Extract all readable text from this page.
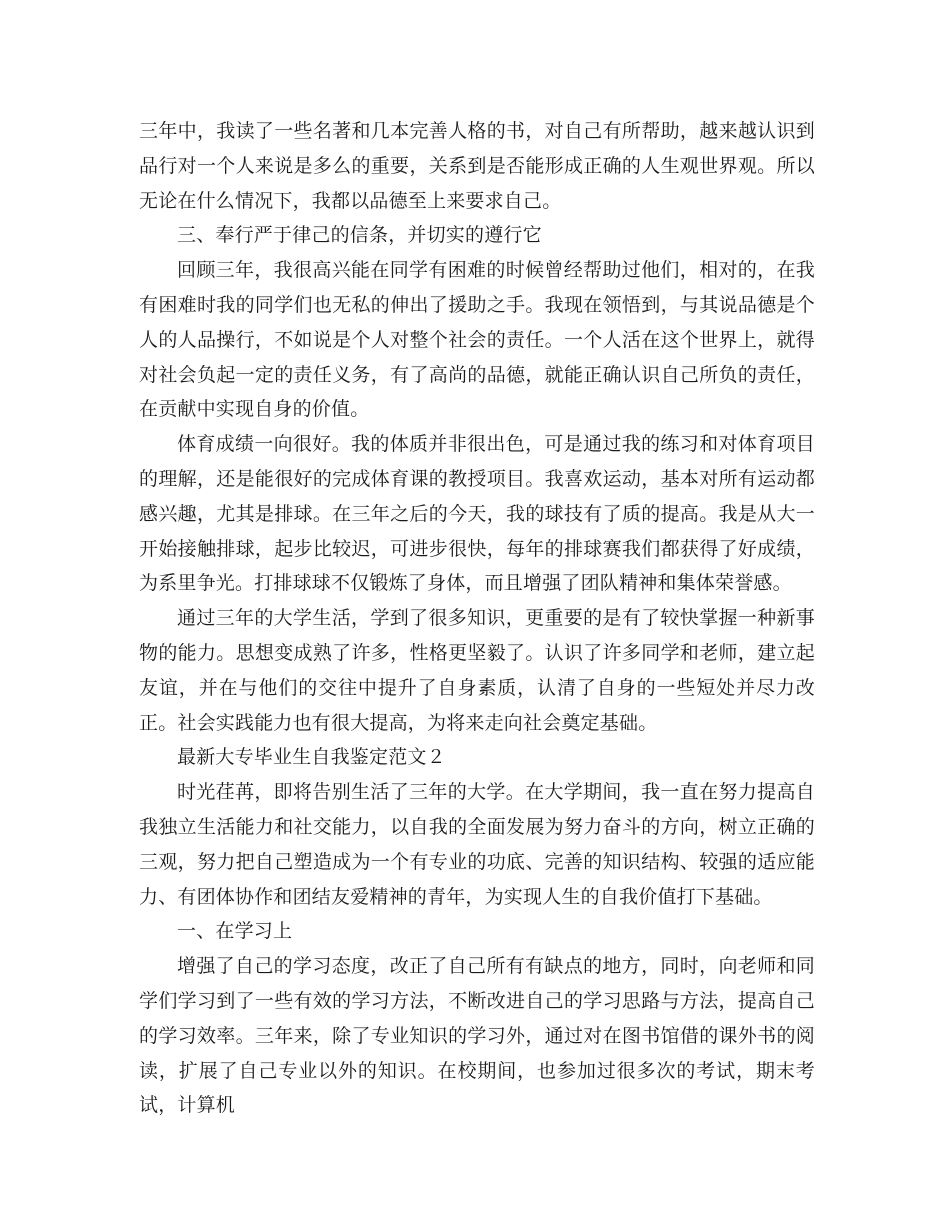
三年中，我读了一些名著和几本完善人格的书，对自己有所帮助，越来越认识到品行对一个人来说是多么的重要，关系到是否能形成正确的人生观世界观。所以无论在什么情况下，我都以品德至上来要求自己。

三、奉行严于律己的信条，并切实的遵行它

回顾三年，我很高兴能在同学有困难的时候曾经帮助过他们，相对的，在我有困难时我的同学们也无私的伸出了援助之手。我现在领悟到，与其说品德是个人的人品操行，不如说是个人对整个社会的责任。一个人活在这个世界上，就得对社会负起一定的责任义务，有了高尚的品德，就能正确认识自己所负的责任，在贡献中实现自身的价值。

体育成绩一向很好。我的体质并非很出色，可是通过我的练习和对体育项目的理解，还是能很好的完成体育课的教授项目。我喜欢运动，基本对所有运动都感兴趣，尤其是排球。在三年之后的今天，我的球技有了质的提高。我是从大一开始接触排球，起步比较迟，可进步很快，每年的排球赛我们都获得了好成绩，为系里争光。打排球球不仅锻炼了身体，而且增强了团队精神和集体荣誉感。

通过三年的大学生活，学到了很多知识，更重要的是有了较快掌握一种新事物的能力。思想变成熟了许多，性格更坚毅了。认识了许多同学和老师，建立起友谊，并在与他们的交往中提升了自身素质，认清了自身的一些短处并尽力改正。社会实践能力也有很大提高，为将来走向社会奠定基础。

最新大专毕业生自我鉴定范文２

时光荏苒，即将告别生活了三年的大学。在大学期间，我一直在努力提高自我独立生活能力和社交能力，以自我的全面发展为努力奋斗的方向，树立正确的三观，努力把自己塑造成为一个有专业的功底、完善的知识结构、较强的适应能力、有团体协作和团结友爱精神的青年，为实现人生的自我价值打下基础。

一、在学习上

增强了自己的学习态度，改正了自己所有有缺点的地方，同时，向老师和同学们学习到了一些有效的学习方法，不断改进自己的学习思路与方法，提高自己的学习效率。三年来，除了专业知识的学习外，通过对在图书馆借的课外书的阅读，扩展了自己专业以外的知识。在校期间，也参加过很多次的考试，期末考试，计算机
